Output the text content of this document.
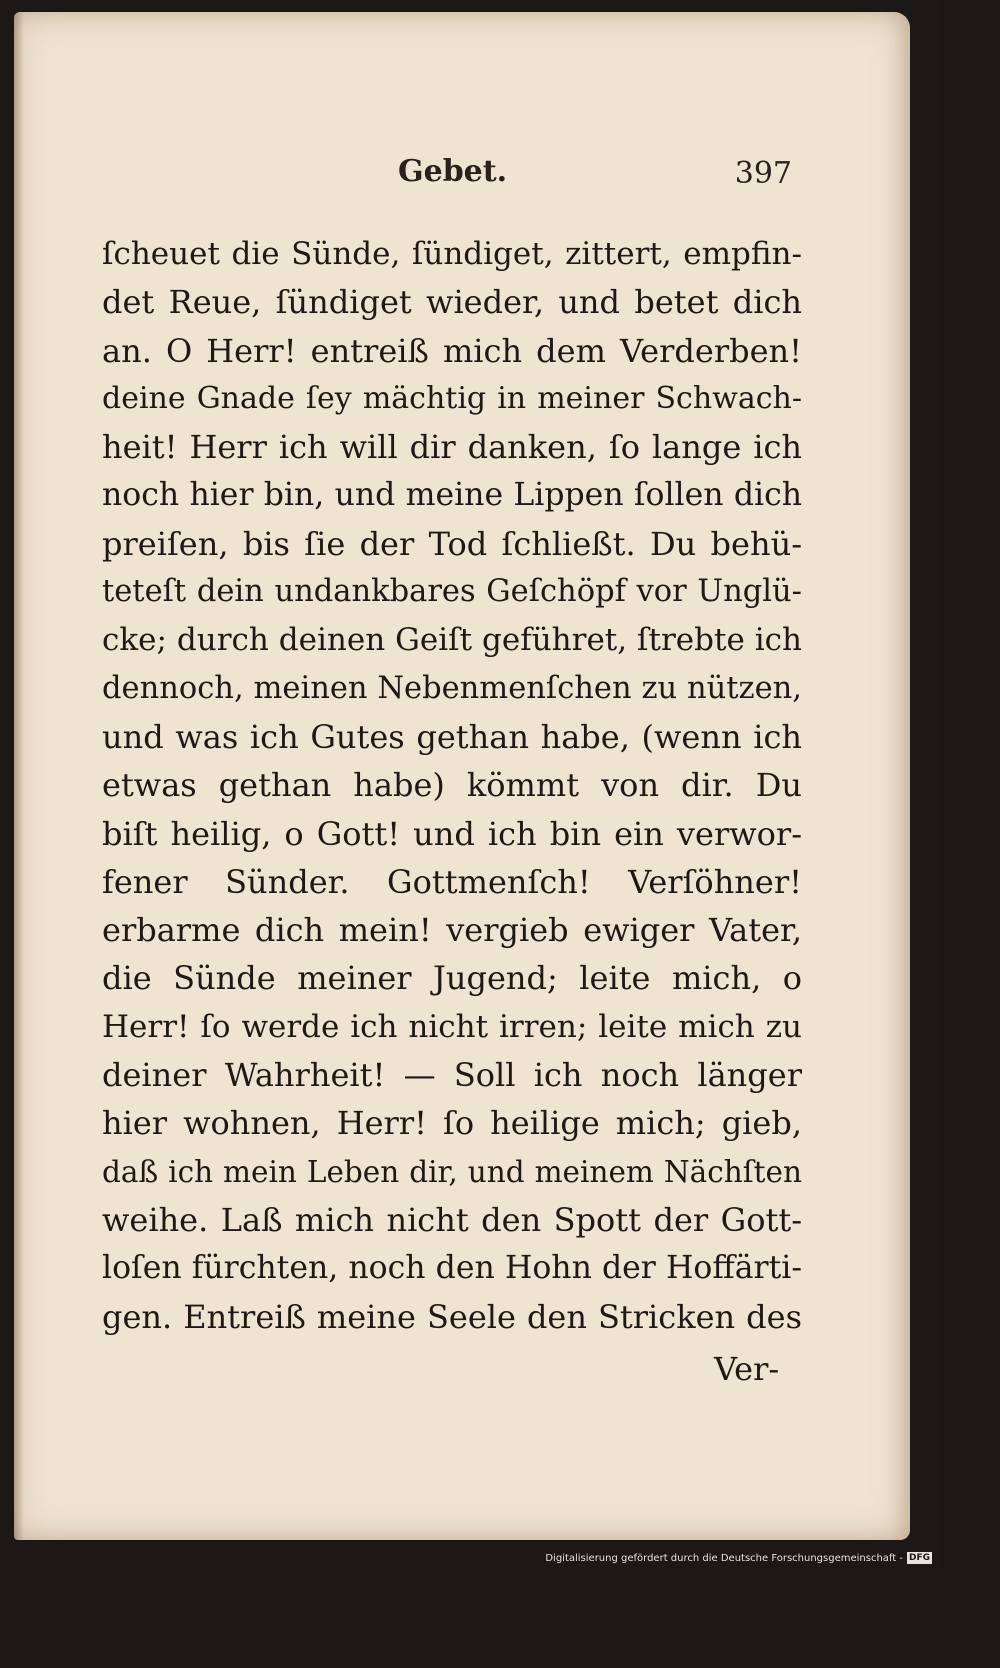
Gebet.	397
ſcheuet die Sünde, ſündiget, zittert, empfin-
det Reue, ſündiget wieder, und betet dich
an. O Herr! entreiß mich dem Verderben!
deine Gnade ſey mächtig in meiner Schwach-
heit! Herr ich will dir danken, ſo lange ich
noch hier bin, und meine Lippen ſollen dich
preiſen, bis ſie der Tod ſchließt. Du behü-
teteſt dein undankbares Geſchöpf vor Unglü-
cke; durch deinen Geiſt geführet, ſtrebte ich
dennoch, meinen Nebenmenſchen zu nützen,
und was ich Gutes gethan habe, (wenn ich
etwas gethan habe) kömmt von dir. Du
biſt heilig, o Gott! und ich bin ein verwor-
fener Sünder. Gottmenſch! Verſöhner!
erbarme dich mein! vergieb ewiger Vater,
die Sünde meiner Jugend; leite mich, o
Herr! ſo werde ich nicht irren; leite mich zu
deiner Wahrheit! — Soll ich noch länger
hier wohnen, Herr! ſo heilige mich; gieb,
daß ich mein Leben dir, und meinem Nächſten
weihe. Laß mich nicht den Spott der Gott-
loſen fürchten, noch den Hohn der Hoffärti-
gen. Entreiß meine Seele den Stricken des
Ver-
Digitalisierung gefördert durch die Deutsche Forschungsgemeinschaft - DFG
